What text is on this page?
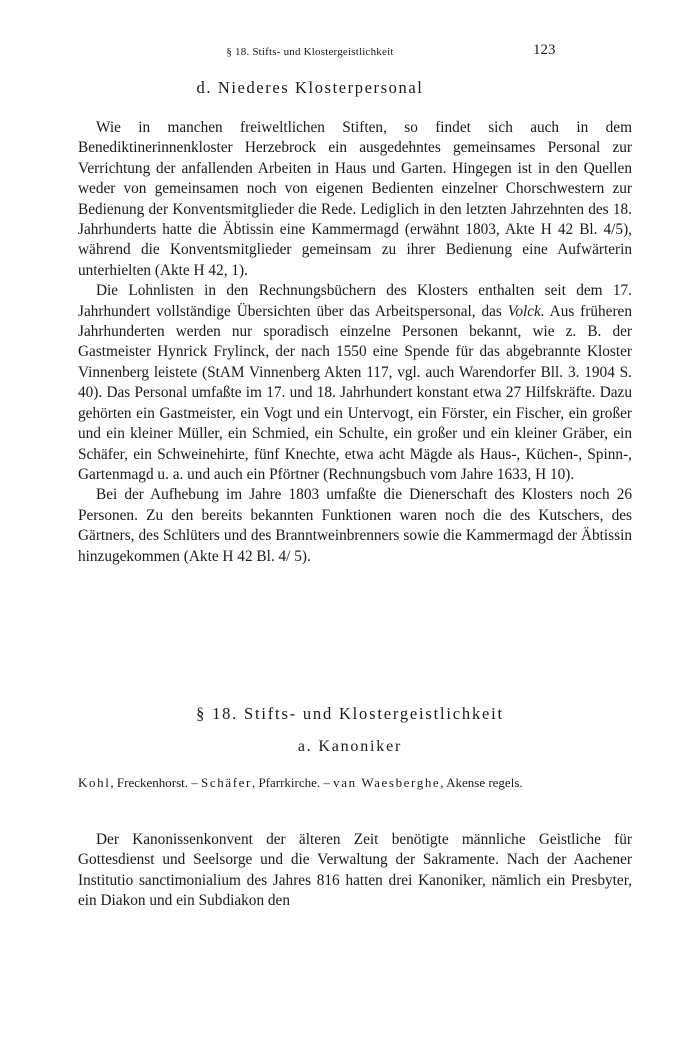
§ 18. Stifts- und Klostergeistlichkeit	123
d. Niederes Klosterpersonal

Wie in manchen freiweltlichen Stiften, so findet sich auch in dem Benediktinerinnenkloster Herzebrock ein ausgedehntes gemeinsames Personal zur Verrichtung der anfallenden Arbeiten in Haus und Garten. Hingegen ist in den Quellen weder von gemeinsamen noch von eigenen Bedienten einzelner Chorschwestern zur Bedienung der Konventsmitglieder die Rede. Lediglich in den letzten Jahrzehnten des 18. Jahrhunderts hatte die Äbtissin eine Kammermagd (erwähnt 1803, Akte H 42 Bl. 4/5), während die Konventsmitglieder gemeinsam zu ihrer Bedienung eine Aufwärterin unterhielten (Akte H 42, 1).

Die Lohnlisten in den Rechnungsbüchern des Klosters enthalten seit dem 17. Jahrhundert vollständige Übersichten über das Arbeitspersonal, das Volck. Aus früheren Jahrhunderten werden nur sporadisch einzelne Personen bekannt, wie z. B. der Gastmeister Hynrick Frylinck, der nach 1550 eine Spende für das abgebrannte Kloster Vinnenberg leistete (StAM Vinnenberg Akten 117, vgl. auch Warendorfer Bll. 3. 1904 S. 40). Das Personal umfaßte im 17. und 18. Jahrhundert konstant etwa 27 Hilfskräfte. Dazu gehörten ein Gastmeister, ein Vogt und ein Untervogt, ein Förster, ein Fischer, ein großer und ein kleiner Müller, ein Schmied, ein Schulte, ein großer und ein kleiner Gräber, ein Schäfer, ein Schweinehirte, fünf Knechte, etwa acht Mägde als Haus-, Küchen-, Spinn-, Gartenmagd u. a. und auch ein Pförtner (Rechnungsbuch vom Jahre 1633, H 10).

Bei der Aufhebung im Jahre 1803 umfaßte die Dienerschaft des Klosters noch 26 Personen. Zu den bereits bekannten Funktionen waren noch die des Kutschers, des Gärtners, des Schlüters und des Branntweinbrenners sowie die Kammermagd der Äbtissin hinzugekommen (Akte H 42 Bl. 4/ 5).

§ 18. Stifts- und Klostergeistlichkeit
a. Kanoniker
Kohl, Freckenhorst. – Schäfer, Pfarrkirche. – van Waesberghe, Akense regels.

Der Kanonissenkonvent der älteren Zeit benötigte männliche Geistliche für Gottesdienst und Seelsorge und die Verwaltung der Sakramente. Nach der Aachener Institutio sanctimonialium des Jahres 816 hatten drei Kanoniker, nämlich ein Presbyter, ein Diakon und ein Subdiakon den
